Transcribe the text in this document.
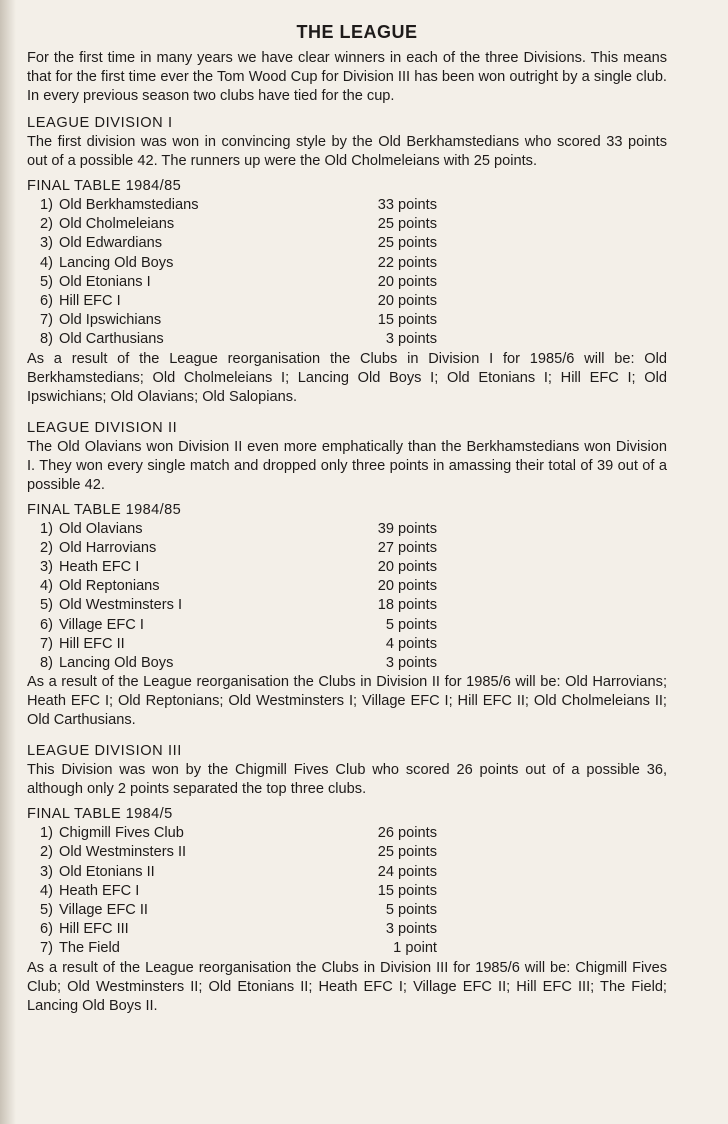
THE LEAGUE

For the first time in many years we have clear winners in each of the three Divisions. This means that for the first time ever the Tom Wood Cup for Division III has been won outright by a single club. In every previous season two clubs have tied for the cup.

LEAGUE DIVISION I

The first division was won in convincing style by the Old Berkhamstedians who scored 33 points out of a possible 42. The runners up were the Old Cholmeleians with 25 points.

FINAL TABLE 1984/85
1)	Old Berkhamstedians	33 points
2)	Old Cholmeleians	25 points
3)	Old Edwardians	25 points
4)	Lancing Old Boys	22 points
5)	Old Etonians I	20 points
6)	Hill EFC I	20 points
7)	Old Ipswichians	15 points
8)	Old Carthusians	3 points

As a result of the League reorganisation the Clubs in Division I for 1985/6 will be: Old Berkhamstedians; Old Cholmeleians I; Lancing Old Boys I; Old Etonians I; Hill EFC I; Old Ipswichians; Old Olavians; Old Salopians.

LEAGUE DIVISION II

The Old Olavians won Division II even more emphatically than the Berkhamstedians won Division I. They won every single match and dropped only three points in amassing their total of 39 out of a possible 42.

FINAL TABLE 1984/85
1)	Old Olavians	39 points
2)	Old Harrovians	27 points
3)	Heath EFC I	20 points
4)	Old Reptonians	20 points
5)	Old Westminsters I	18 points
6)	Village EFC I	5 points
7)	Hill EFC II	4 points
8)	Lancing Old Boys	3 points

As a result of the League reorganisation the Clubs in Division II for 1985/6 will be: Old Harrovians; Heath EFC I; Old Reptonians; Old Westminsters I; Village EFC I; Hill EFC II; Old Cholmeleians II; Old Carthusians.

LEAGUE DIVISION III

This Division was won by the Chigmill Fives Club who scored 26 points out of a possible 36, although only 2 points separated the top three clubs.

FINAL TABLE 1984/5
1)	Chigmill Fives Club	26 points
2)	Old Westminsters II	25 points
3)	Old Etonians II	24 points
4)	Heath EFC I	15 points
5)	Village EFC II	5 points
6)	Hill EFC III	3 points
7)	The Field	1 point

As a result of the League reorganisation the Clubs in Division III for 1985/6 will be: Chigmill Fives Club; Old Westminsters II; Old Etonians II; Heath EFC I; Village EFC II; Hill EFC III; The Field; Lancing Old Boys II.
